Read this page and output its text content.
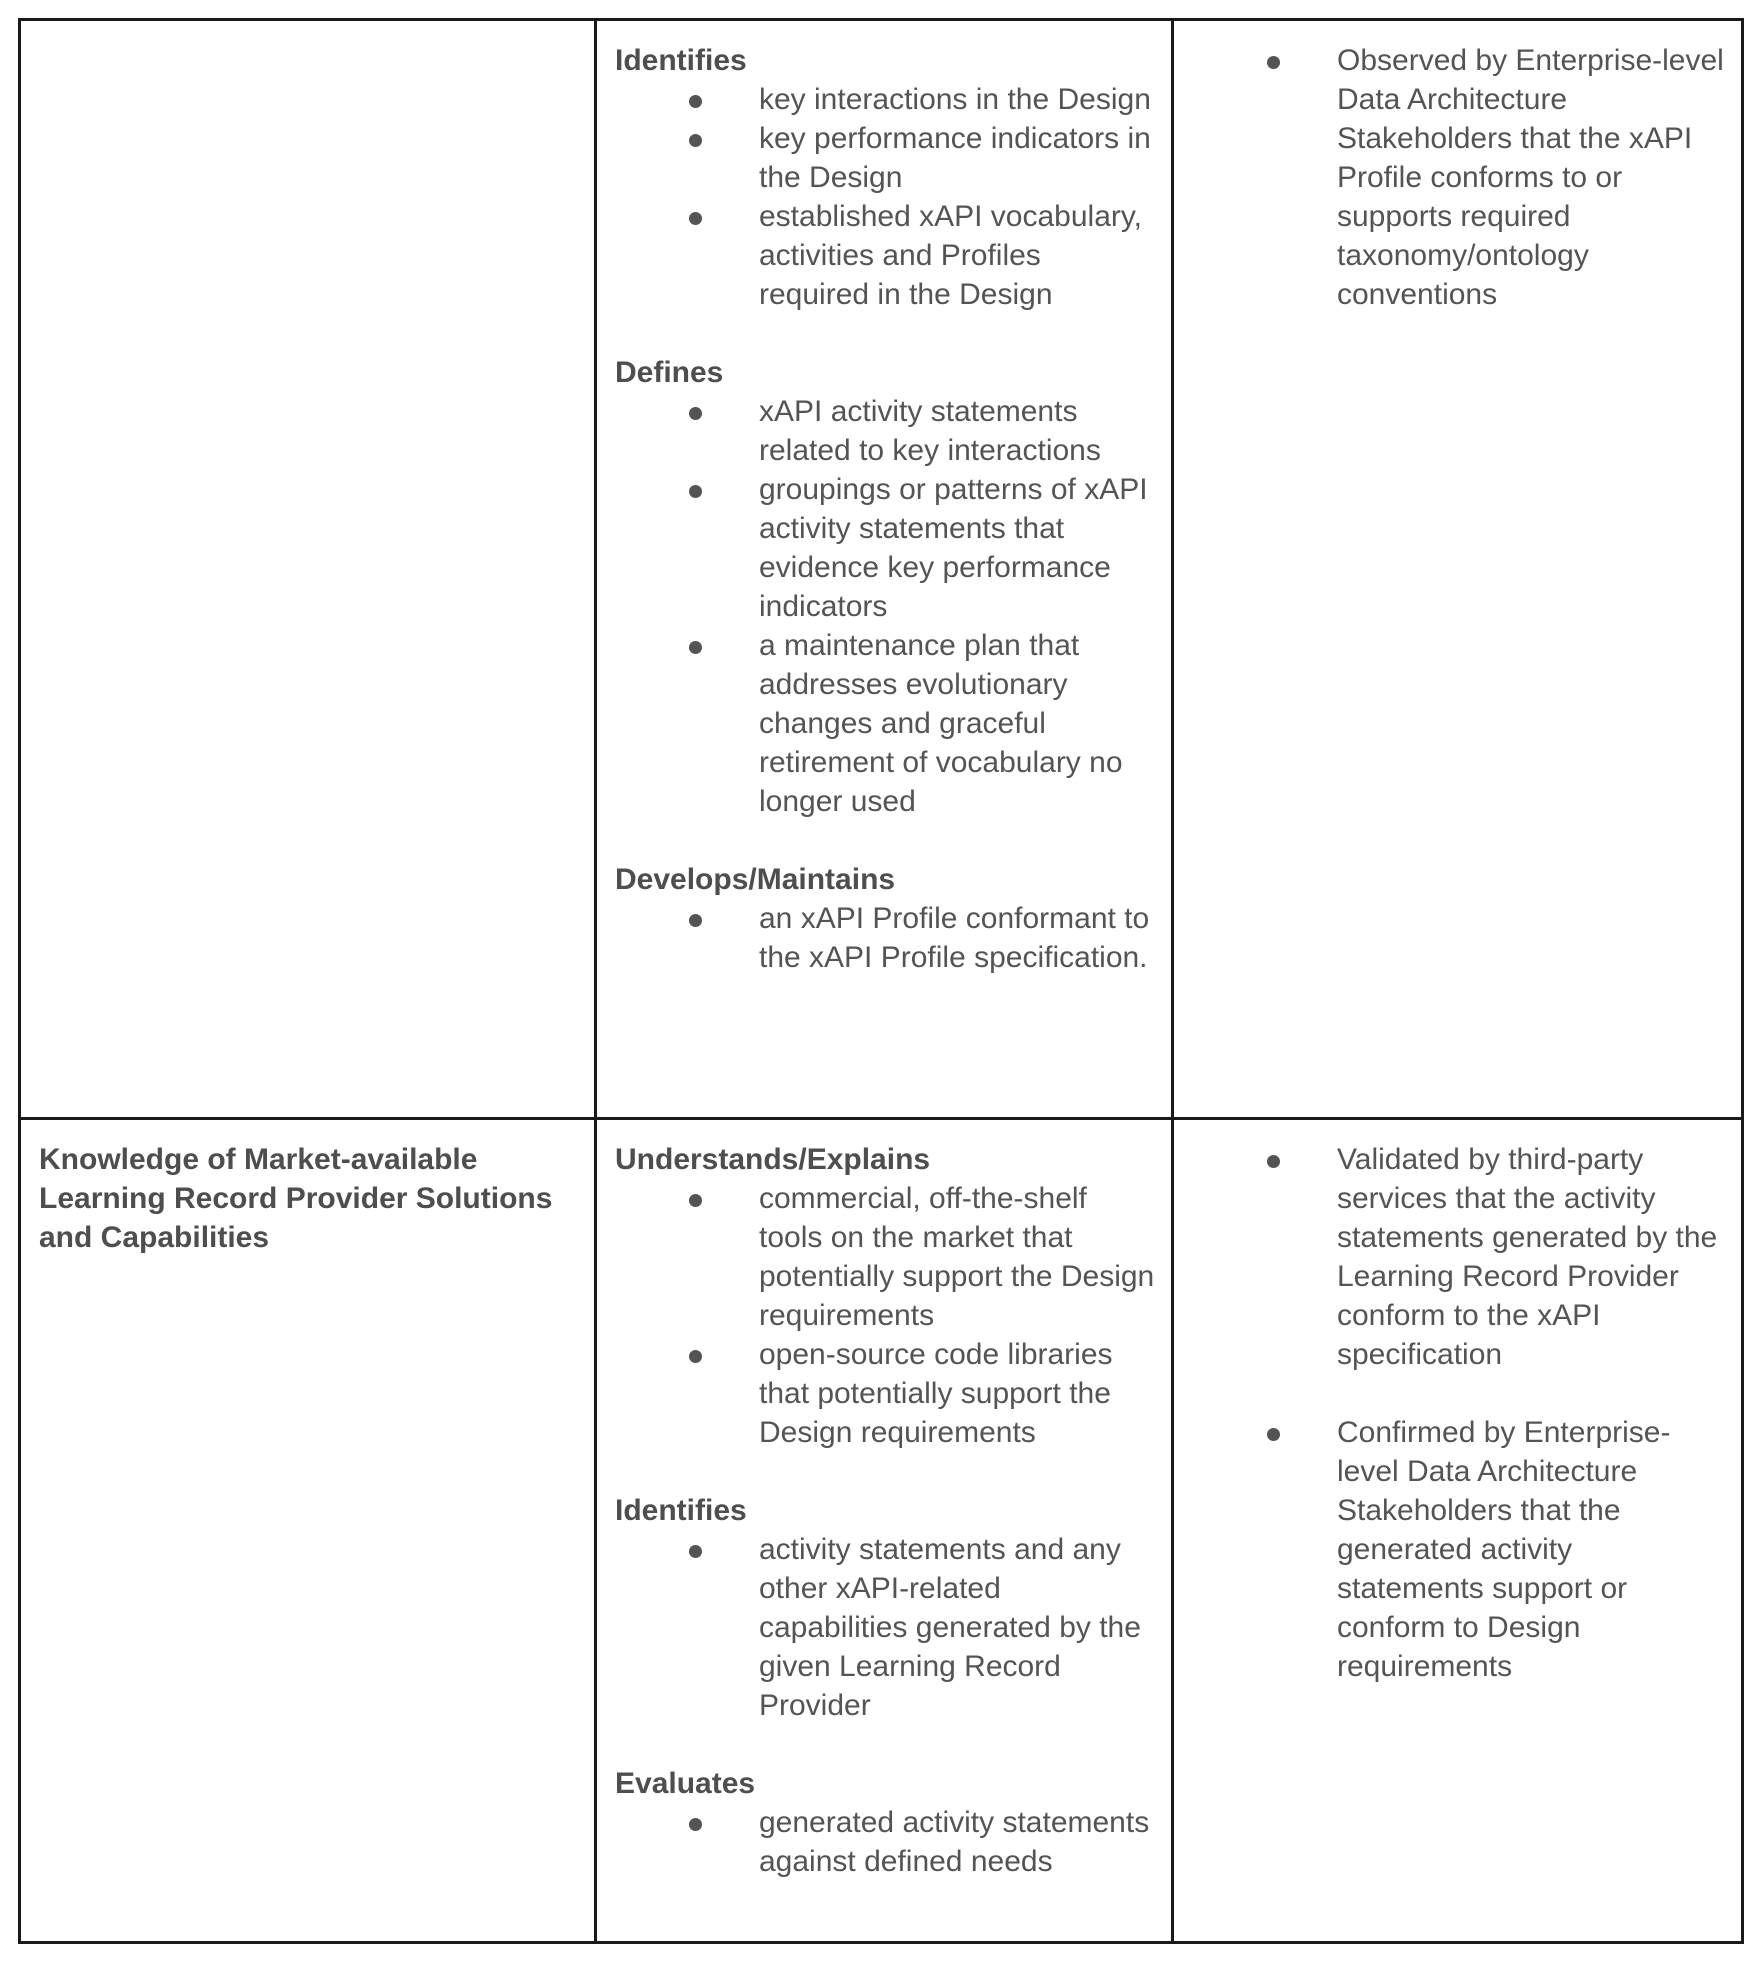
Identifies

key interactions in the Design
key performance indicators in the Design
established xAPI vocabulary, activities and Profiles required in the Design

Defines

xAPI activity statements related to key interactions
groupings or patterns of xAPI activity statements that evidence key performance indicators
a maintenance plan that addresses evolutionary changes and graceful retirement of vocabulary no longer used

Develops/Maintains

an xAPI Profile conformant to the xAPI Profile specification.
Observed by Enterprise-level Data Architecture Stakeholders that the xAPI Profile conforms to or supports required taxonomy/ontology conventions

Knowledge of Market-available Learning Record Provider Solutions and Capabilities

Understands/Explains

commercial, off-the-shelf tools on the market that potentially support the Design requirements
open-source code libraries that potentially support the Design requirements

Identifies

activity statements and any other xAPI-related capabilities generated by the given Learning Record Provider

Evaluates

generated activity statements against defined needs
Validated by third-party services that the activity statements generated by the Learning Record Provider conform to the xAPI specification
Confirmed by Enterprise-level Data Architecture Stakeholders that the generated activity statements support or conform to Design requirements
